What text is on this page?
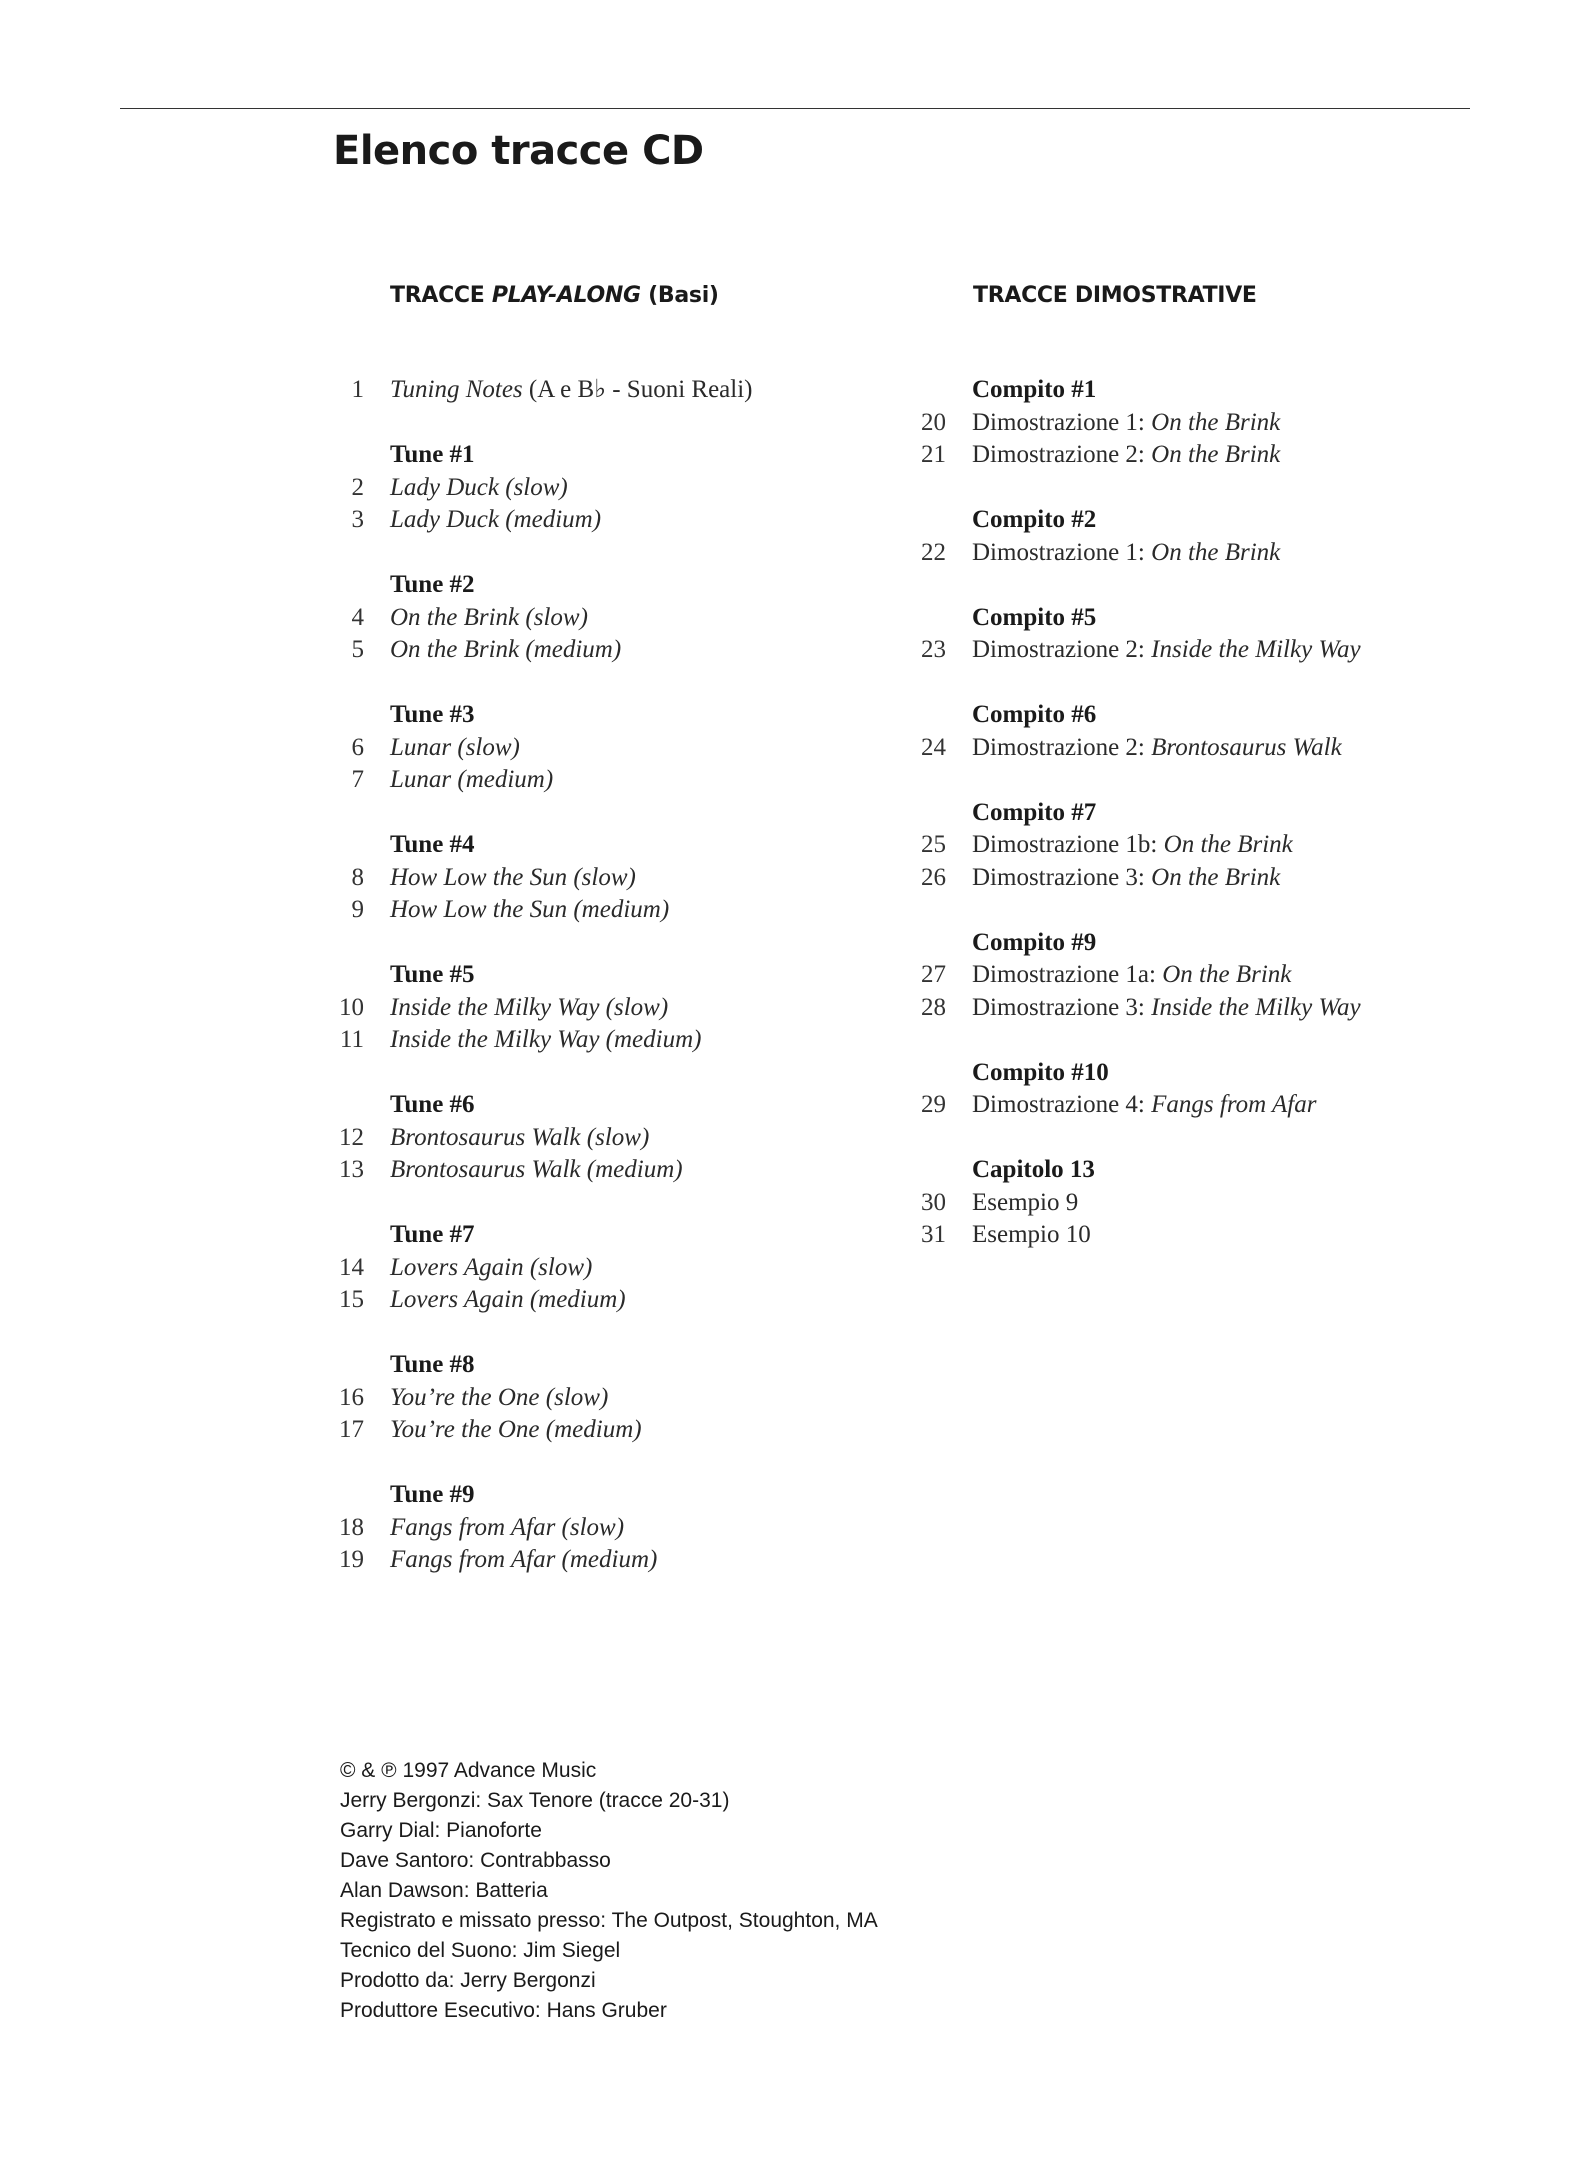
Elenco tracce CD
TRACCE PLAY-ALONG (Basi)	TRACCE DIMOSTRATIVE
1	Tuning Notes (A e B♭ - Suoni Reali)
Tune #1
2	Lady Duck (slow)
3	Lady Duck (medium)
Tune #2
4	On the Brink (slow)
5	On the Brink (medium)
Tune #3
6	Lunar (slow)
7	Lunar (medium)
Tune #4
8	How Low the Sun (slow)
9	How Low the Sun (medium)
Tune #5
10	Inside the Milky Way (slow)
11	Inside the Milky Way (medium)
Tune #6
12	Brontosaurus Walk (slow)
13	Brontosaurus Walk (medium)
Tune #7
14	Lovers Again (slow)
15	Lovers Again (medium)
Tune #8
16	You’re the One (slow)
17	You’re the One (medium)
Tune #9
18	Fangs from Afar (slow)
19	Fangs from Afar (medium)
Compito #1
20	Dimostrazione 1: On the Brink
21	Dimostrazione 2: On the Brink
Compito #2
22	Dimostrazione 1: On the Brink
Compito #5
23	Dimostrazione 2: Inside the Milky Way
Compito #6
24	Dimostrazione 2: Brontosaurus Walk
Compito #7
25	Dimostrazione 1b: On the Brink
26	Dimostrazione 3: On the Brink
Compito #9
27	Dimostrazione 1a: On the Brink
28	Dimostrazione 3: Inside the Milky Way
Compito #10
29	Dimostrazione 4: Fangs from Afar
Capitolo 13
30	Esempio 9
31	Esempio 10
© & ℗ 1997 Advance Music
Jerry Bergonzi: Sax Tenore (tracce 20-31)
Garry Dial: Pianoforte
Dave Santoro: Contrabbasso
Alan Dawson: Batteria
Registrato e missato presso: The Outpost, Stoughton, MA
Tecnico del Suono: Jim Siegel
Prodotto da: Jerry Bergonzi
Produttore Esecutivo: Hans Gruber
